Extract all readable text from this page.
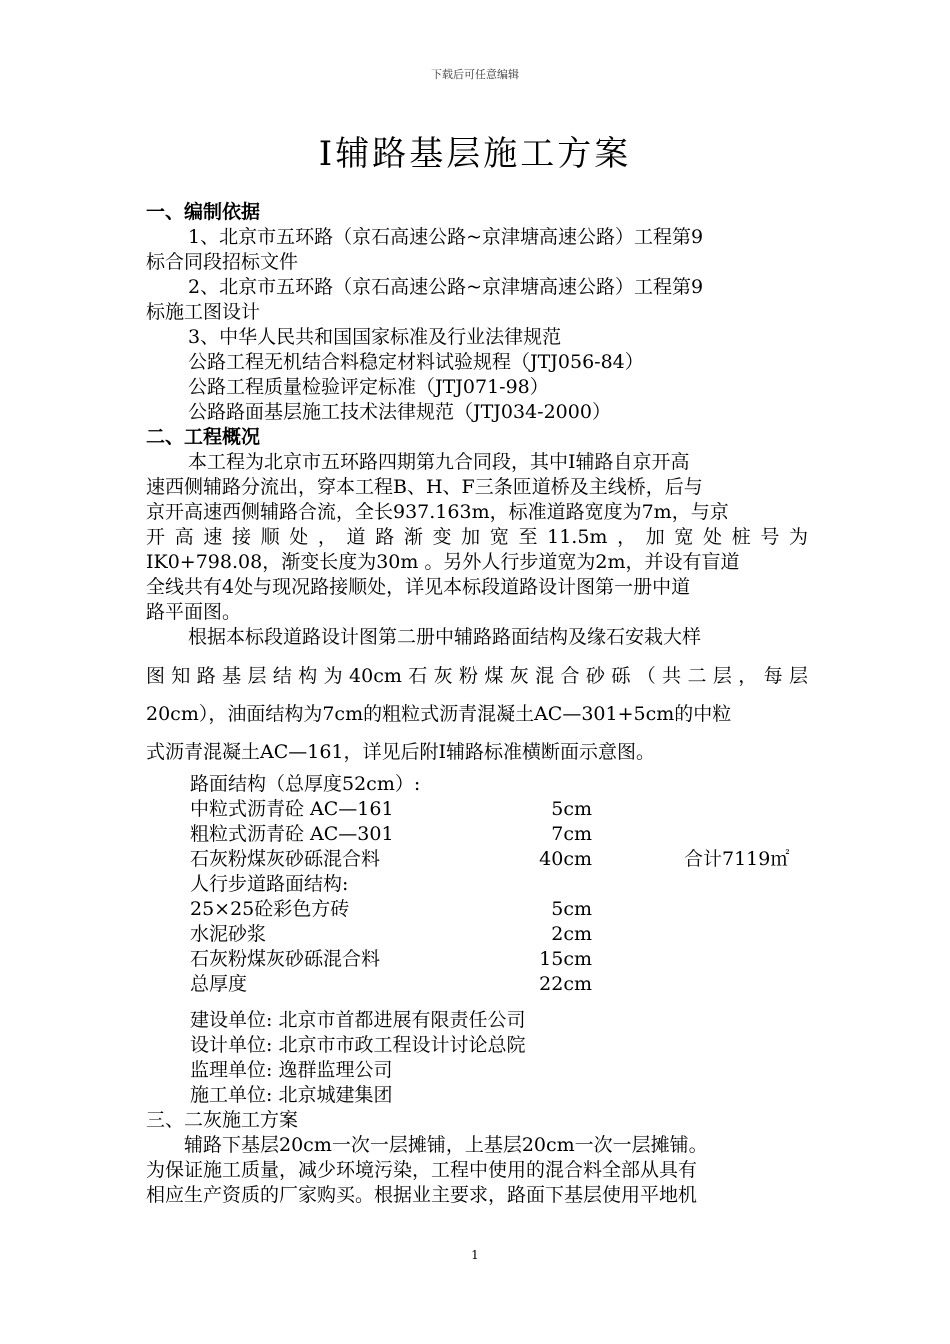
下载后可任意编辑
I辅路基层施工方案
一、编制依据
1、北京市五环路（京石高速公路~京津塘高速公路）工程第9
标合同段招标文件
2、北京市五环路（京石高速公路~京津塘高速公路）工程第9
标施工图设计
3、中华人民共和国国家标准及行业法律规范
公路工程无机结合料稳定材料试验规程（JTJ056-84）
公路工程质量检验评定标准（JTJ071-98）
公路路面基层施工技术法律规范（JTJ034-2000）
二、工程概况
本工程为北京市五环路四期第九合同段，其中I辅路自京开高
速西侧辅路分流出，穿本工程B、H、F三条匝道桥及主线桥，后与
京开高速西侧辅路合流，全长937.163m，标准道路宽度为7m，与京
开高速接顺处，道路渐变加宽至11.5m，加宽处桩号为
IK0+798.08，渐变长度为30m 。另外人行步道宽为2m，并设有盲道
全线共有4处与现况路接顺处，详见本标段道路设计图第一册中道
路平面图。
根据本标段道路设计图第二册中辅路路面结构及缘石安栽大样
图知路基层结构为40cm石灰粉煤灰混合砂砾（共二层，每层
20cm），油面结构为7cm的粗粒式沥青混凝土AC—301+5cm的中粒
式沥青混凝土AC—161，详见后附I辅路标准横断面示意图。
路面结构（总厚度52cm）:
中粒式沥青砼 AC—161	5cm
粗粒式沥青砼 AC—301	7cm
石灰粉煤灰砂砾混合料	40cm	合计7119㎡
人行步道路面结构:
25×25砼彩色方砖	5cm
水泥砂浆	2cm
石灰粉煤灰砂砾混合料	15cm
总厚度	22cm
建设单位: 北京市首都进展有限责任公司
设计单位: 北京市市政工程设计讨论总院
监理单位: 逸群监理公司
施工单位: 北京城建集团
三、二灰施工方案
辅路下基层20cm一次一层摊铺，上基层20cm一次一层摊铺。
为保证施工质量，减少环境污染，工程中使用的混合料全部从具有
相应生产资质的厂家购买。根据业主要求，路面下基层使用平地机
1
